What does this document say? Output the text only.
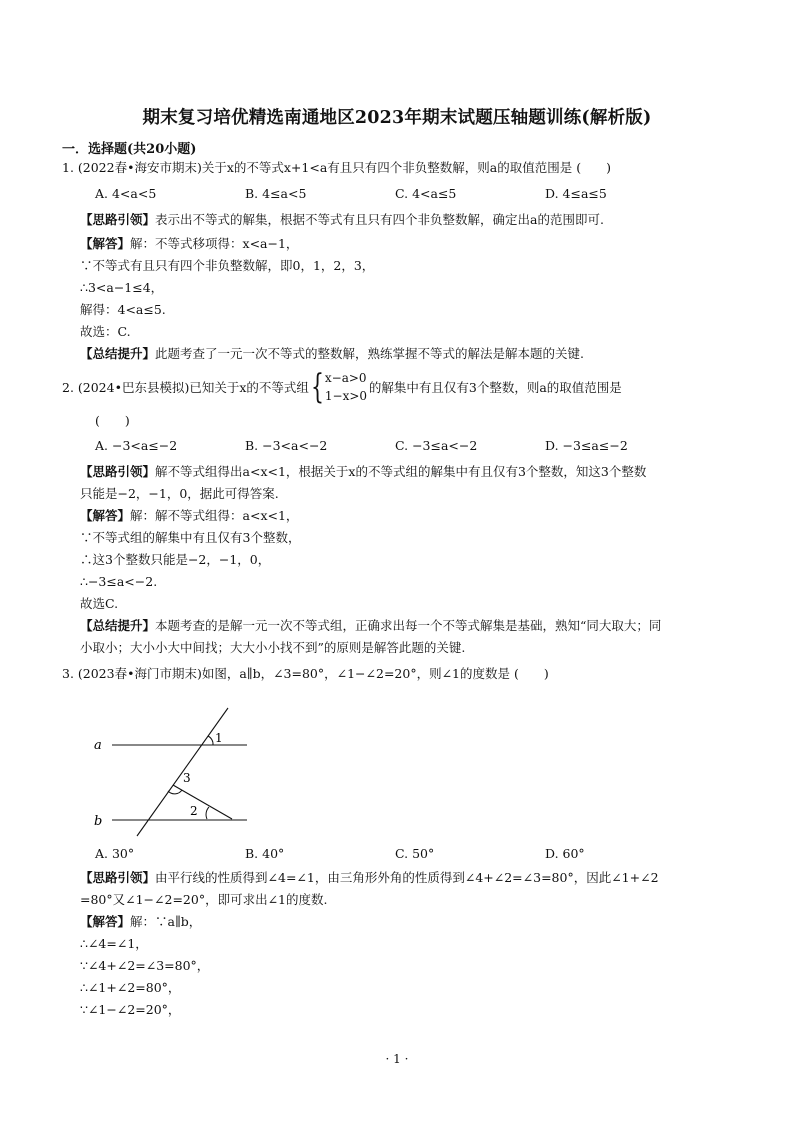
期末复习培优精选南通地区2023年期末试题压轴题训练(解析版)
一．选择题(共20小题)
1. (2022春•海安市期末)关于x的不等式x+1<a有且只有四个非负整数解，则a的取值范围是 (　　)
A. 4<a<5	B. 4≤a<5	C. 4<a≤5	D. 4≤a≤5
【思路引领】表示出不等式的解集，根据不等式有且只有四个非负整数解，确定出a的范围即可.
【解答】解：不等式移项得：x<a−1，
∵不等式有且只有四个非负整数解，即0，1，2，3，
∴3<a−1≤4，
解得：4<a≤5.
故选：C.
【总结提升】此题考查了一元一次不等式的整数解，熟练掌握不等式的解法是解本题的关键.
2. (2024•巴东县模拟)已知关于x的不等式组 { x−a>0
1−x>0
的解集中有且仅有3个整数，则a的取值范围是
(　　)
A. −3<a≤−2	B. −3<a<−2	C. −3≤a<−2	D. −3≤a≤−2
【思路引领】解不等式组得出a<x<1，根据关于x的不等式组的解集中有且仅有3个整数，知这3个整数
只能是−2，−1，0，据此可得答案.
【解答】解：解不等式组得：a<x<1，
∵不等式组的解集中有且仅有3个整数，
∴这3个整数只能是−2，−1，0，
∴−3≤a<−2.
故选C.
【总结提升】本题考查的是解一元一次不等式组，正确求出每一个不等式解集是基础，熟知“同大取大；同
小取小；大小小大中间找；大大小小找不到”的原则是解答此题的关键.
3. (2023春•海门市期末)如图，a∥b，∠3=80°，∠1−∠2=20°，则∠1的度数是 (　　)
a
b
1
3
2
A. 30°	B. 40°	C. 50°	D. 60°
【思路引领】由平行线的性质得到∠4=∠1，由三角形外角的性质得到∠4+∠2=∠3=80°，因此∠1+∠2
=80°又∠1−∠2=20°，即可求出∠1的度数.
【解答】解：∵a∥b，
∴∠4=∠1，
∵∠4+∠2=∠3=80°，
∴∠1+∠2=80°，
∵∠1−∠2=20°，
· 1 ·
